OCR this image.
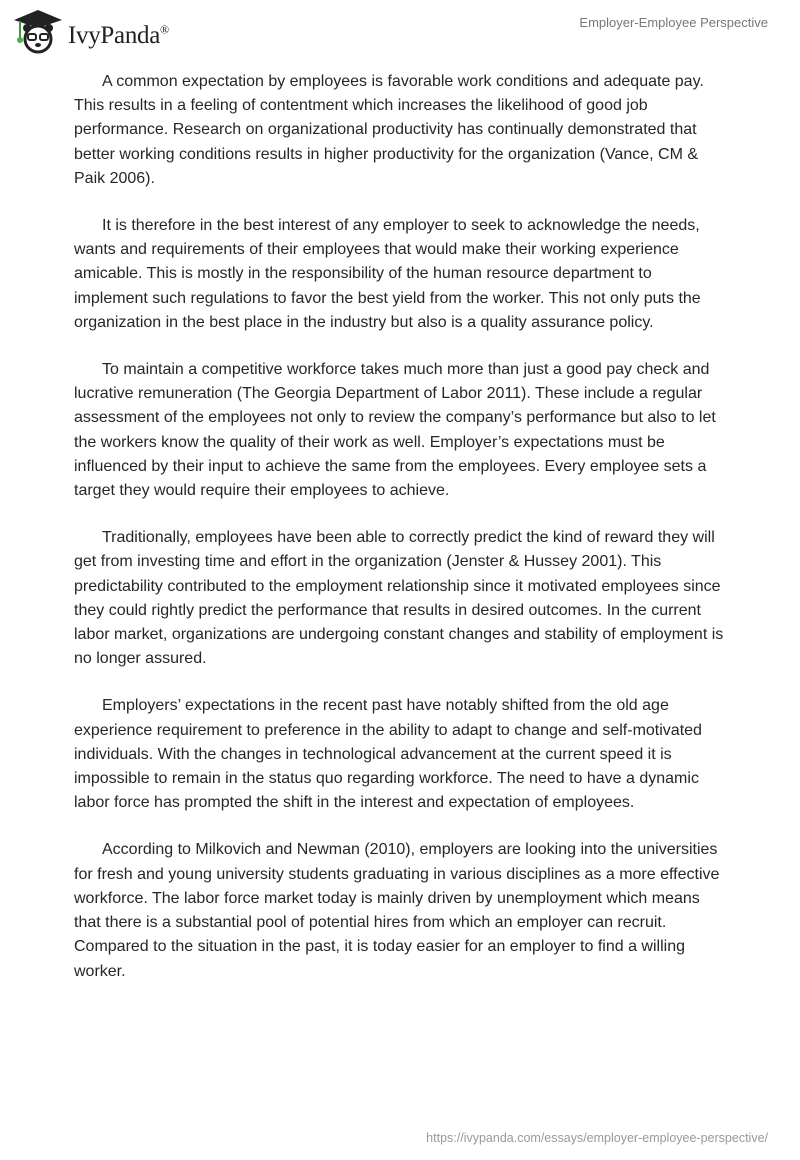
IvyPanda®	Employer-Employee Perspective

A common expectation by employees is favorable work conditions and adequate pay. This results in a feeling of contentment which increases the likelihood of good job performance. Research on organizational productivity has continually demonstrated that better working conditions results in higher productivity for the organization (Vance, CM & Paik 2006).

It is therefore in the best interest of any employer to seek to acknowledge the needs, wants and requirements of their employees that would make their working experience amicable. This is mostly in the responsibility of the human resource department to implement such regulations to favor the best yield from the worker. This not only puts the organization in the best place in the industry but also is a quality assurance policy.

To maintain a competitive workforce takes much more than just a good pay check and lucrative remuneration (The Georgia Department of Labor 2011). These include a regular assessment of the employees not only to review the company’s performance but also to let the workers know the quality of their work as well. Employer’s expectations must be influenced by their input to achieve the same from the employees. Every employee sets a target they would require their employees to achieve.

Traditionally, employees have been able to correctly predict the kind of reward they will get from investing time and effort in the organization (Jenster & Hussey 2001). This predictability contributed to the employment relationship since it motivated employees since they could rightly predict the performance that results in desired outcomes. In the current labor market, organizations are undergoing constant changes and stability of employment is no longer assured.

Employers’ expectations in the recent past have notably shifted from the old age experience requirement to preference in the ability to adapt to change and self-motivated individuals. With the changes in technological advancement at the current speed it is impossible to remain in the status quo regarding workforce. The need to have a dynamic labor force has prompted the shift in the interest and expectation of employees.

According to Milkovich and Newman (2010), employers are looking into the universities for fresh and young university students graduating in various disciplines as a more effective workforce. The labor force market today is mainly driven by unemployment which means that there is a substantial pool of potential hires from which an employer can recruit. Compared to the situation in the past, it is today easier for an employer to find a willing worker.

https://ivypanda.com/essays/employer-employee-perspective/
